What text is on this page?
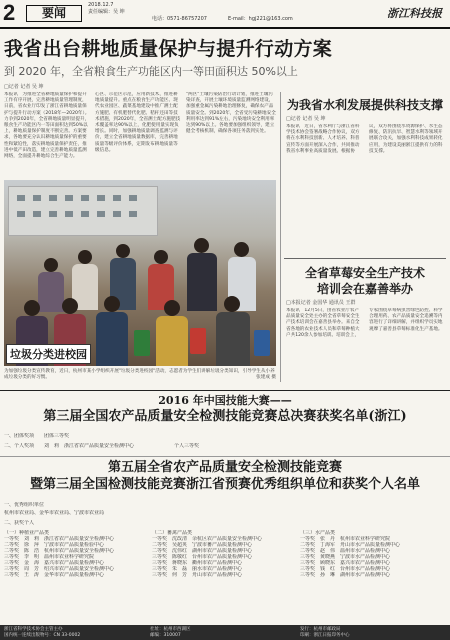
2	要闻
2018.12.7
责任编辑：吴 坤
电话：0571-86757207	E-mail：hgj221@163.com	浙江科技报
我省出台耕地质量保护与提升行动方案
到 2020 年，全省粮食生产功能区内一等田面积达 50%以上
□记者 记者 吴 坤
本报讯　为推进全省耕地质量保护和提升工作有序开展，完善耕地质量管理制度，日前，省农业厅印发了浙江省耕地质量保护与提升行动方案（2018年—2020年）。力争到2020年，全省耕地质量明显提升，粮食生产功能区内一等田面积达到50%以上，耕地质量保护制度不断完善。方案要求，各地要充分认识耕地质量保护的重要性和紧迫性，落实耕地质量保护责任，推进中低产田改造，建立完善耕地质量监测网络，全面提升耕地综合生产能力。
心区、示范区示范，应用新技术，推进耕地质量提升。重点在粮食生产功能区、现代农业园区、蔬菜基地建设中推广测土配方施肥、有机肥替代化肥、秸秆还田等技术措施，到2020年，全省测土配方施肥技术覆盖率达90%以上，化肥使用量实现负增长。同时，加强耕地质量调查监测与评价，建立全省耕地质量数据库，完善耕地质量等级评价体系，定期发布耕地质量等级信息。
"两区"土壤污染防治行动计划，推进土壤污染详查，开展土壤环境质量监测网络建设，加强重金属污染耕地治理修复，确保农产品质量安全。到2020年，全省受污染耕地安全利用率达到91%左右，污染地块安全利用率达到90%以上。各地要加强组织领导，建立健全考核机制，确保各项任务落到实处。
垃圾分类进校园
为加强垃圾分类宣传教育，近日，杭州市某小学组织开展"垃圾分类进校园"活动，志愿者为学生们讲解垃圾分类知识，引导学生从小养成垃圾分类的好习惯。	张建成 摄
为我省水利发展提供科技支撑
□记者 记者 吴 坤
本报讯　近日，省水利厅与浙江省科学技术协会签署战略合作协议，双方将在水利科技创新、人才培养、科普宣传等方面开展深入合作，共同推动我省水利事业高质量发展。根据协议，双方将围绕水资源保护、水生态修复、防汛抗旱、智慧水利等领域开展联合攻关，加强水利科技成果转化应用，为建设美丽浙江提供有力的科技支撑。
全省草莓安全生产技术
培训会在嘉善举办
□本报记者 金国华 通讯员 王群
本报讯　12月5日，由省农业厅农产品质量安全处主办的全省草莓安全生产技术培训会在嘉善县举办。来自全省各地的农业技术人员和草莓种植大户共120余人参加培训。培训会上，专家围绕草莓病虫害绿色防控、科学合理用药、农产品质量安全追溯等内容进行了详细讲解，并组织学员实地观摩了嘉善县草莓标准化生产基地。
2016 年中国技能大赛——
第三届全国农产品质量安全检测技能竞赛总决赛获奖名单(浙江)
一、团体奖项　　团体三等奖
二、个人奖项　　刘　莉　浙江省农产品质量安全检测中心　　　　　　　　个人三等奖
第五届全省农产品质量安全检测技能竞赛
暨第三届全国检测技能竞赛浙江省预赛优秀组织单位和获奖个人名单
一、优秀组织单位
杭州市农业局、金华市农业局、宁波市农业局
二、获奖个人
（一）种植业产品类
一等奖　刘　莉　浙江省农产品质量安全检测中心
二等奖　徐　萍　宁波市农产品质量检验中心
二等奖　陈　浩　杭州市农产品质量安全检测中心
三等奖　李　明　温州市农业科学研究院
三等奖　金　海　嘉兴市农产品质量检测中心
三等奖　周　芳　绍兴市农产品质量安全检测中心
三等奖　王　涛　金华市农产品质量检测中心
（二）畜禽产品类
一等奖　沈改清　余杭区农产品质量安全检测中心
二等奖　吴超英　宁波市畜产品质量检测中心
二等奖　沈伟红　湖州市农产品质量检测中心
三等奖　陈敬红　台州市农产品质量检测中心
三等奖　蒋晓东　衢州市农产品检测中心
三等奖　朱　磊　丽水市农产品检测中心
三等奖　何　芳　舟山市农产品检测中心
（三）水产品类
一等奖　张　丹　杭州市农业科学研究院
二等奖　丁海军　舟山市水产品质量检测中心
二等奖　赵　伟　温州市水产品检测中心
三等奖　黄晓燕　宁波市水产品检测中心
三等奖　顾晓东　嘉兴市农产品检测中心
三等奖　钱　红　台州市水产品检测中心
三等奖　孙　琳　湖州市水产品检测中心
浙江省科学技术协会主管主办
国内统一连续出版物号：CN 33-0002
社址：杭州市西湖区
邮编：310007
发行：杭州市邮政局
印刷：浙江日报印务中心
